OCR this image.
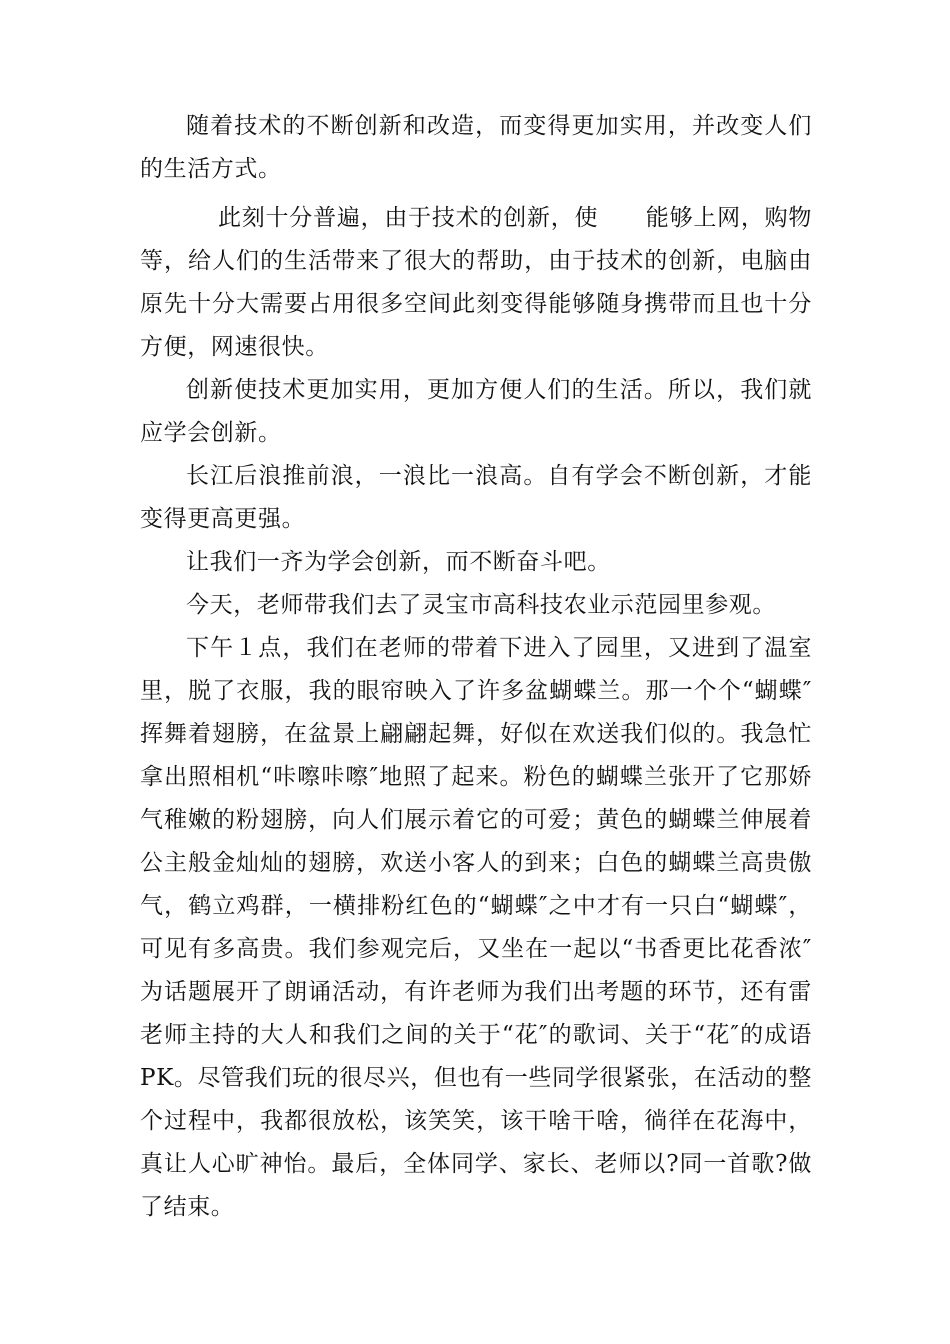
随着技术的不断创新和改造，而变得更加实用，并改变人们的生活方式。

此刻十分普遍，由于技术的创新，使　　能够上网，购物等，给人们的生活带来了很大的帮助，由于技术的创新，电脑由原先十分大需要占用很多空间此刻变得能够随身携带而且也十分方便，网速很快。

创新使技术更加实用，更加方便人们的生活。所以，我们就应学会创新。

长江后浪推前浪，一浪比一浪高。自有学会不断创新，才能变得更高更强。

让我们一齐为学会创新，而不断奋斗吧。

今天，老师带我们去了灵宝市高科技农业示范园里参观。

下午１点，我们在老师的带着下进入了园里，又进到了温室里，脱了衣服，我的眼帘映入了许多盆蝴蝶兰。那一个个“蝴蝶″挥舞着翅膀，在盆景上翩翩起舞，好似在欢送我们似的。我急忙拿出照相机“咔嚓咔嚓″地照了起来。粉色的蝴蝶兰张开了它那娇气稚嫩的粉翅膀，向人们展示着它的可爱；黄色的蝴蝶兰伸展着公主般金灿灿的翅膀，欢送小客人的到来；白色的蝴蝶兰高贵傲气，鹤立鸡群，一横排粉红色的“蝴蝶″之中才有一只白“蝴蝶″，可见有多高贵。我们参观完后，又坐在一起以“书香更比花香浓″为话题展开了朗诵活动，有许老师为我们出考题的环节，还有雷老师主持的大人和我们之间的关于“花″的歌词、关于“花″的成语 PK。尽管我们玩的很尽兴，但也有一些同学很紧张，在活动的整个过程中，我都很放松，该笑笑，该干啥干啥，徜徉在花海中，真让人心旷神怡。最后，全体同学、家长、老师以?同一首歌?做了结束。
